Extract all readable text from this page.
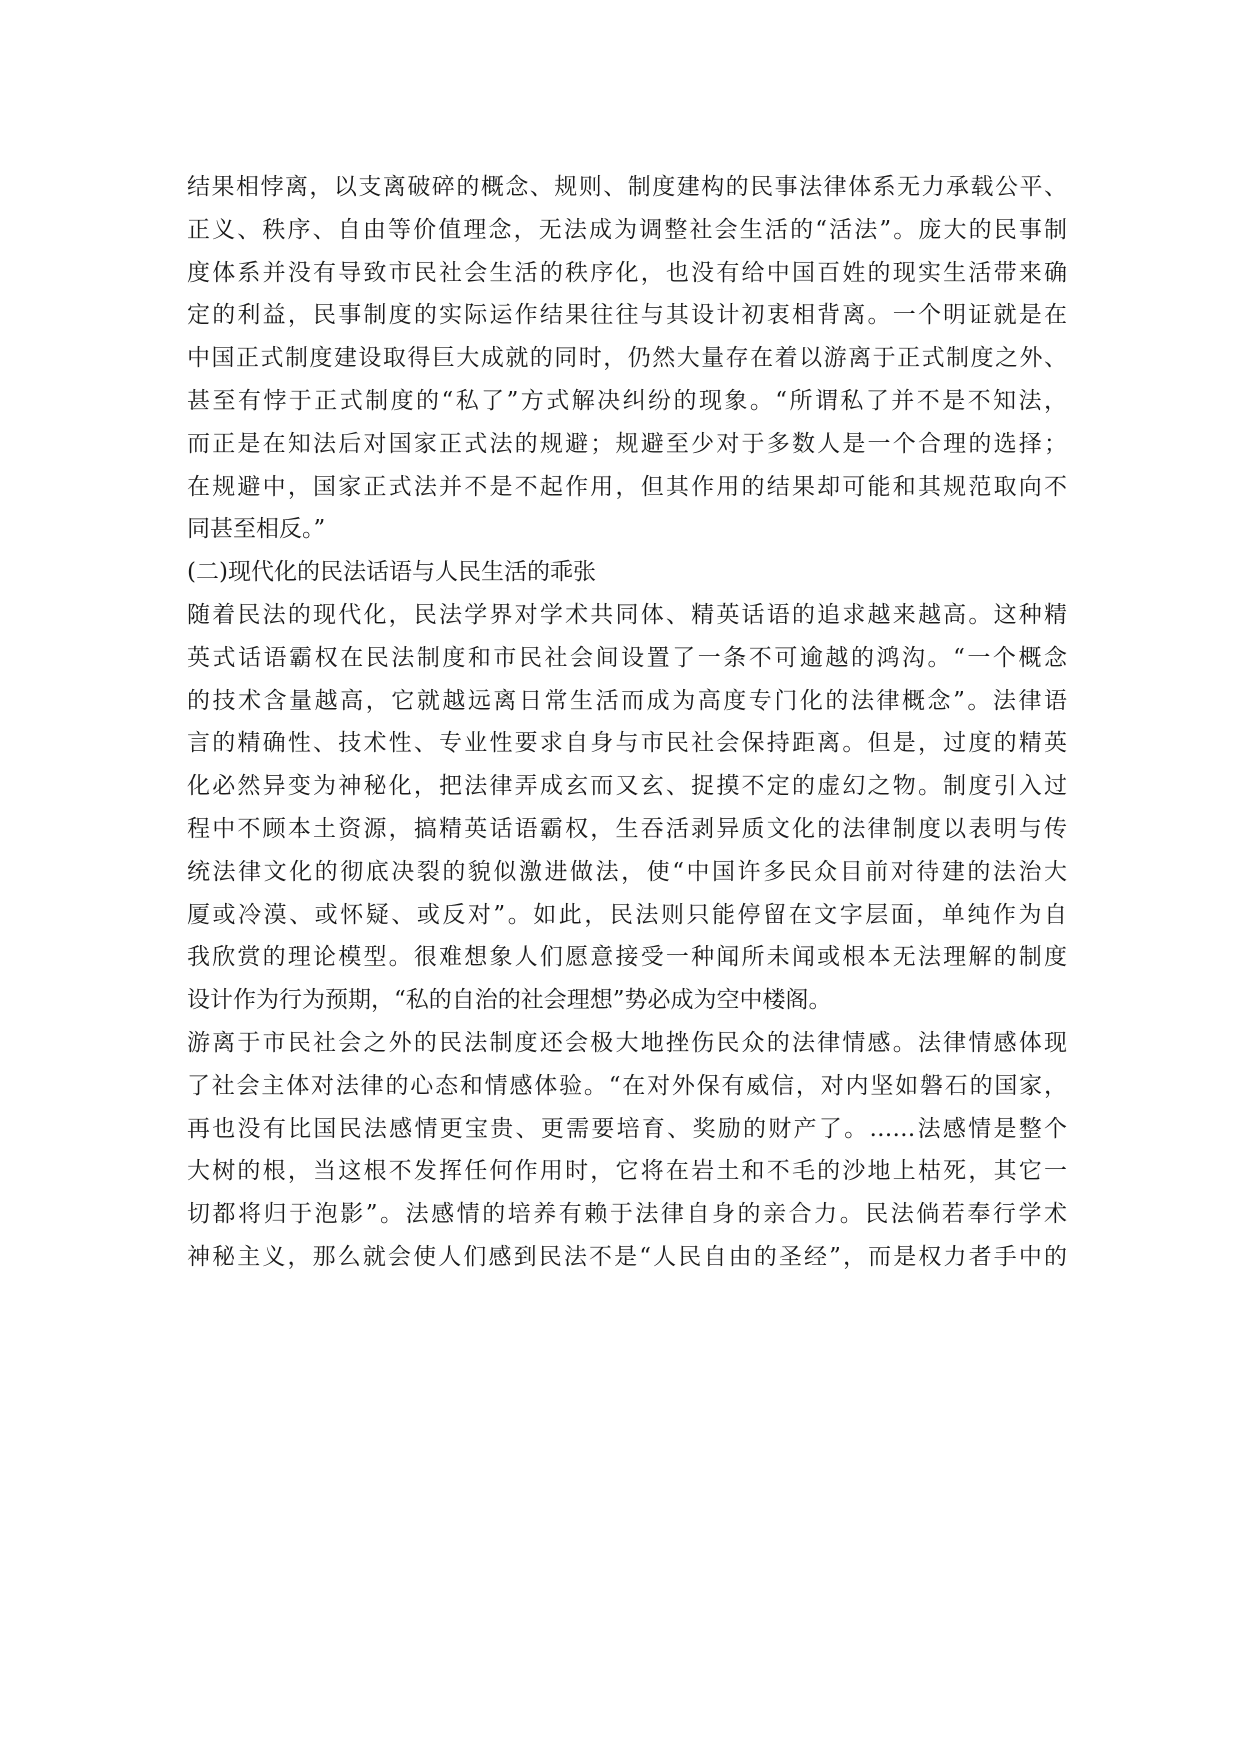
结果相悖离，以支离破碎的概念、规则、制度建构的民事法律体系无力承载公平、
正义、秩序、自由等价值理念，无法成为调整社会生活的“活法”。庞大的民事制
度体系并没有导致市民社会生活的秩序化，也没有给中国百姓的现实生活带来确
定的利益，民事制度的实际运作结果往往与其设计初衷相背离。一个明证就是在
中国正式制度建设取得巨大成就的同时，仍然大量存在着以游离于正式制度之外、
甚至有悖于正式制度的“私了”方式解决纠纷的现象。“所谓私了并不是不知法，
而正是在知法后对国家正式法的规避；规避至少对于多数人是一个合理的选择；
在规避中，国家正式法并不是不起作用，但其作用的结果却可能和其规范取向不
同甚至相反。”
(二)现代化的民法话语与人民生活的乖张
随着民法的现代化，民法学界对学术共同体、精英话语的追求越来越高。这种精
英式话语霸权在民法制度和市民社会间设置了一条不可逾越的鸿沟。“一个概念
的技术含量越高，它就越远离日常生活而成为高度专门化的法律概念”。法律语
言的精确性、技术性、专业性要求自身与市民社会保持距离。但是，过度的精英
化必然异变为神秘化，把法律弄成玄而又玄、捉摸不定的虚幻之物。制度引入过
程中不顾本土资源，搞精英话语霸权，生吞活剥异质文化的法律制度以表明与传
统法律文化的彻底决裂的貌似激进做法，使“中国许多民众目前对待建的法治大
厦或冷漠、或怀疑、或反对”。如此，民法则只能停留在文字层面，单纯作为自
我欣赏的理论模型。很难想象人们愿意接受一种闻所未闻或根本无法理解的制度
设计作为行为预期，“私的自治的社会理想”势必成为空中楼阁。
游离于市民社会之外的民法制度还会极大地挫伤民众的法律情感。法律情感体现
了社会主体对法律的心态和情感体验。“在对外保有威信，对内坚如磐石的国家，
再也没有比国民法感情更宝贵、更需要培育、奖励的财产了。……法感情是整个
大树的根，当这根不发挥任何作用时，它将在岩土和不毛的沙地上枯死，其它一
切都将归于泡影”。法感情的培养有赖于法律自身的亲合力。民法倘若奉行学术
神秘主义，那么就会使人们感到民法不是“人民自由的圣经”，而是权力者手中的
